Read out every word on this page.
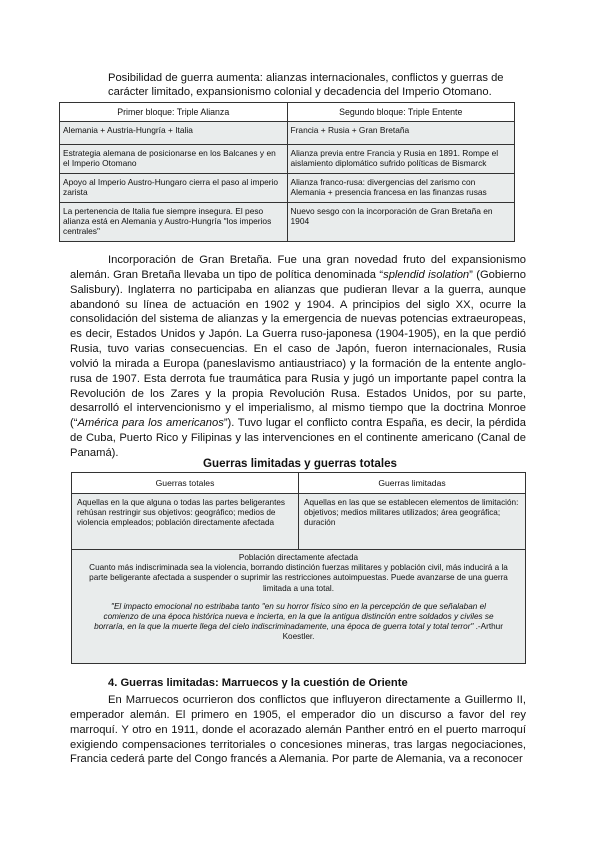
Posibilidad de guerra aumenta: alianzas internacionales, conflictos y guerras de carácter limitado, expansionismo colonial y decadencia del Imperio Otomano.

Primer bloque: Triple Alianza	Segundo bloque: Triple Entente
Alemania + Austria-Hungría + Italia	Francia + Rusia + Gran Bretaña
Estrategia alemana de posicionarse en los Balcanes y en el Imperio Otomano	Alianza previa entre Francia y Rusia en 1891. Rompe el aislamiento diplomático sufrido políticas de Bismarck
Apoyo al Imperio Austro-Hungaro cierra el paso al imperio zarista	Alianza franco-rusa: divergencias del zarismo con Alemania + presencia francesa en las finanzas rusas
La pertenencia de Italia fue siempre insegura. El peso alianza está en Alemania y Austro-Hungría "los imperios centrales"	Nuevo sesgo con la incorporación de Gran Bretaña en 1904

Incorporación de Gran Bretaña. Fue una gran novedad fruto del expansionismo alemán. Gran Bretaña llevaba un tipo de política denominada “splendid isolation” (Gobierno Salisbury). Inglaterra no participaba en alianzas que pudieran llevar a la guerra, aunque abandonó su línea de actuación en 1902 y 1904. A principios del siglo XX, ocurre la consolidación del sistema de alianzas y la emergencia de nuevas potencias extraeuropeas, es decir, Estados Unidos y Japón. La Guerra ruso-japonesa (1904-1905), en la que perdió Rusia, tuvo varias consecuencias. En el caso de Japón, fueron internacionales, Rusia volvió la mirada a Europa (paneslavismo antiaustriaco) y la formación de la entente anglo-rusa de 1907. Esta derrota fue traumática para Rusia y jugó un importante papel contra la Revolución de los Zares y la propia Revolución Rusa. Estados Unidos, por su parte, desarrolló el intervencionismo y el imperialismo, al mismo tiempo que la doctrina Monroe (“América para los americanos”). Tuvo lugar el conflicto contra España, es decir, la pérdida de Cuba, Puerto Rico y Filipinas y las intervenciones en el continente americano (Canal de Panamá).

Guerras limitadas y guerras totales
Guerras totales	Guerras limitadas
Aquellas en la que alguna o todas las partes beligerantes rehúsan restringir sus objetivos: geográfico; medios de violencia empleados; población directamente afectada
Aquellas en las que se establecen elementos de limitación: objetivos; medios militares utilizados; área geográfica; duración
Población directamente afectada
Cuanto más indiscriminada sea la violencia, borrando distinción fuerzas militares y población civil, más inducirá a la parte beligerante afectada a suspender o suprimir las restricciones autoimpuestas. Puede avanzarse de una guerra limitada a una total.
"El impacto emocional no estribaba tanto "en su horror físico sino en la percepción de que señalaban el comienzo de una época histórica nueva e incierta, en la que la antigua distinción entre soldados y civiles se borraría, en la que la muerte llega del cielo indiscriminadamente, una época de guerra total y total terror" .-Arthur Koestler.
4. Guerras limitadas: Marruecos y la cuestión de Oriente

En Marruecos ocurrieron dos conflictos que influyeron directamente a Guillermo II, emperador alemán. El primero en 1905, el emperador dio un discurso a favor del rey marroquí. Y otro en 1911, donde el acorazado alemán Panther entró en el puerto marroquí exigiendo compensaciones territoriales o concesiones mineras, tras largas negociaciones, Francia cederá parte del Congo francés a Alemania. Por parte de Alemania, va a reconocer
